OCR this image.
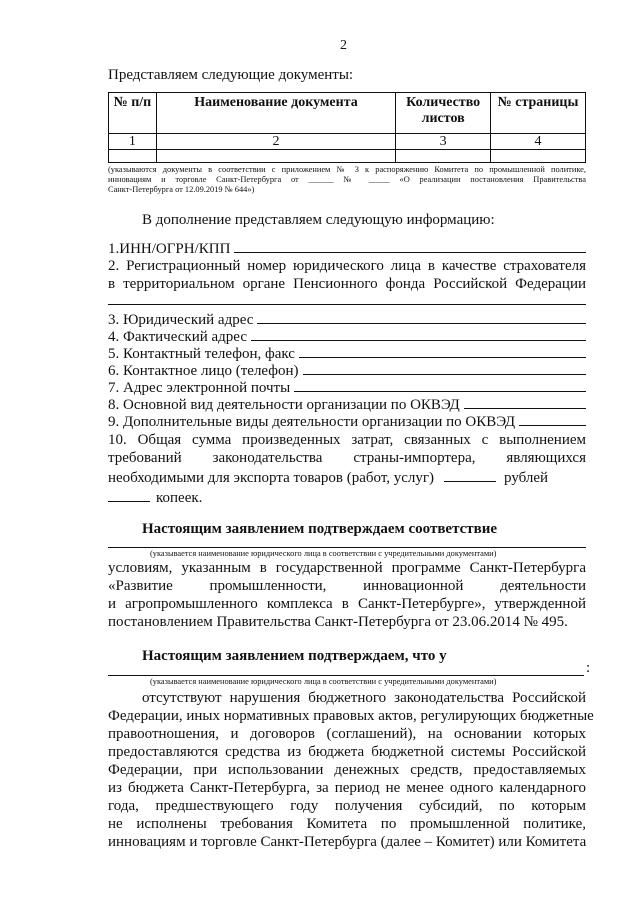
2
Представляем следующие документы:
№ п/п	Наименование документа	Количество листов	№ страницы
1	2	3	4

(указываются документы в соответствии с приложением № 3 к распоряжению Комитета по промышленной политике,
инновациям и торговле Санкт-Петербурга от ______ № _____ «О реализации постановления Правительства
Санкт-Петербурга от 12.09.2019 № 644»)
В дополнение представляем следующую информацию:
1.ИНН/ОГРН/КПП
2. Регистрационный номер юридического лица в качестве страхователя
в территориальном органе Пенсионного фонда Российской Федерации
3. Юридический адрес
4. Фактический адрес
5. Контактный телефон, факс
6. Контактное лицо (телефон)
7. Адрес электронной почты
8. Основной вид деятельности организации по ОКВЭД
9. Дополнительные виды деятельности организации по ОКВЭД
10. Общая сумма произведенных затрат, связанных с выполнением
требований законодательства страны-импортера, являющихся
необходимыми для экспорта товаров (работ, услуг)	рублей
копеек.
Настоящим заявлением подтверждаем соответствие
(указывается наименование юридического лица в соответствии с учредительными документами)
условиям, указанным в государственной программе Санкт-Петербурга
«Развитие промышленности, инновационной деятельности
и агропромышленного комплекса в Санкт-Петербурге», утвержденной
постановлением Правительства Санкт-Петербурга от 23.06.2014 № 495.
Настоящим заявлением подтверждаем, что у
:
(указывается наименование юридического лица в соответствии с учредительными документами)
отсутствуют нарушения бюджетного законодательства Российской
Федерации, иных нормативных правовых актов, регулирующих бюджетные
правоотношения, и договоров (соглашений), на основании которых
предоставляются средства из бюджета бюджетной системы Российской
Федерации, при использовании денежных средств, предоставляемых
из бюджета Санкт-Петербурга, за период не менее одного календарного
года, предшествующего году получения субсидий, по которым
не исполнены требования Комитета по промышленной политике,
инновациям и торговле Санкт-Петербурга (далее – Комитет) или Комитета
